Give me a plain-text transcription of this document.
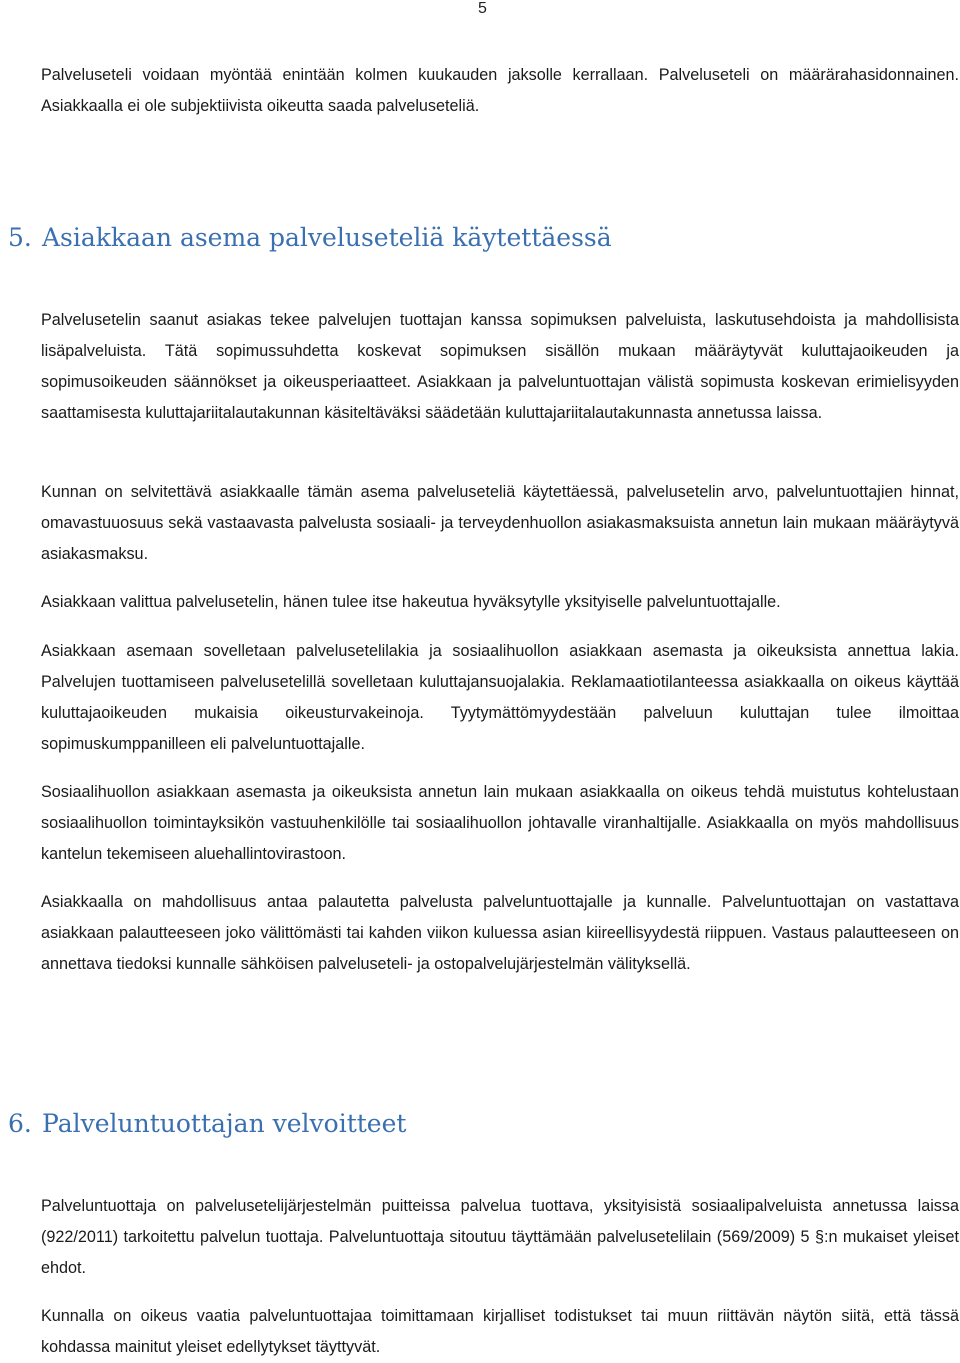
5

Palveluseteli voidaan myöntää enintään kolmen kuukauden jaksolle kerrallaan. Palveluseteli on määrärahasidonnainen. Asiakkaalla ei ole subjektiivista oikeutta saada palveluseteliä.

5. Asiakkaan asema palveluseteliä käytettäessä

Palvelusetelin saanut asiakas tekee palvelujen tuottajan kanssa sopimuksen palveluista, laskutusehdoista ja mahdollisista lisäpalveluista. Tätä sopimussuhdetta koskevat sopimuksen sisällön mukaan määräytyvät kuluttajaoikeuden ja sopimusoikeuden säännökset ja oikeusperiaatteet. Asiakkaan ja palveluntuottajan välistä sopimusta koskevan erimielisyyden saattamisesta kuluttajariitalautakunnan käsiteltäväksi säädetään kuluttajariitalautakunnasta annetussa laissa.

Kunnan on selvitettävä asiakkaalle tämän asema palveluseteliä käytettäessä, palvelusetelin arvo, palveluntuottajien hinnat, omavastuuosuus sekä vastaavasta palvelusta sosiaali- ja terveydenhuollon asiakasmaksuista annetun lain mukaan määräytyvä asiakasmaksu.

Asiakkaan valittua palvelusetelin, hänen tulee itse hakeutua hyväksytylle yksityiselle palveluntuottajalle.

Asiakkaan asemaan sovelletaan palvelusetelilakia ja sosiaalihuollon asiakkaan asemasta ja oikeuksista annettua lakia. Palvelujen tuottamiseen palvelusetelillä sovelletaan kuluttajansuojalakia. Reklamaatiotilanteessa asiakkaalla on oikeus käyttää kuluttajaoikeuden mukaisia oikeusturvakeinoja. Tyytymättömyydestään palveluun kuluttajan tulee ilmoittaa sopimuskumppanilleen eli palveluntuottajalle.

Sosiaalihuollon asiakkaan asemasta ja oikeuksista annetun lain mukaan asiakkaalla on oikeus tehdä muistutus kohtelustaan sosiaalihuollon toimintayksikön vastuuhenkilölle tai sosiaalihuollon johtavalle viranhaltijalle. Asiakkaalla on myös mahdollisuus kantelun tekemiseen aluehallintovirastoon.

Asiakkaalla on mahdollisuus antaa palautetta palvelusta palveluntuottajalle ja kunnalle. Palveluntuottajan on vastattava asiakkaan palautteeseen joko välittömästi tai kahden viikon kuluessa asian kiireellisyydestä riippuen. Vastaus palautteeseen on annettava tiedoksi kunnalle sähköisen palveluseteli- ja ostopalvelujärjestelmän välityksellä.

6. Palveluntuottajan velvoitteet

Palveluntuottaja on palvelusetelijärjestelmän puitteissa palvelua tuottava, yksityisistä sosiaalipalveluista annetussa laissa (922/2011) tarkoitettu palvelun tuottaja. Palveluntuottaja sitoutuu täyttämään palvelusetelilain (569/2009) 5 §:n mukaiset yleiset ehdot.

Kunnalla on oikeus vaatia palveluntuottajaa toimittamaan kirjalliset todistukset tai muun riittävän näytön siitä, että tässä kohdassa mainitut yleiset edellytykset täyttyvät.
